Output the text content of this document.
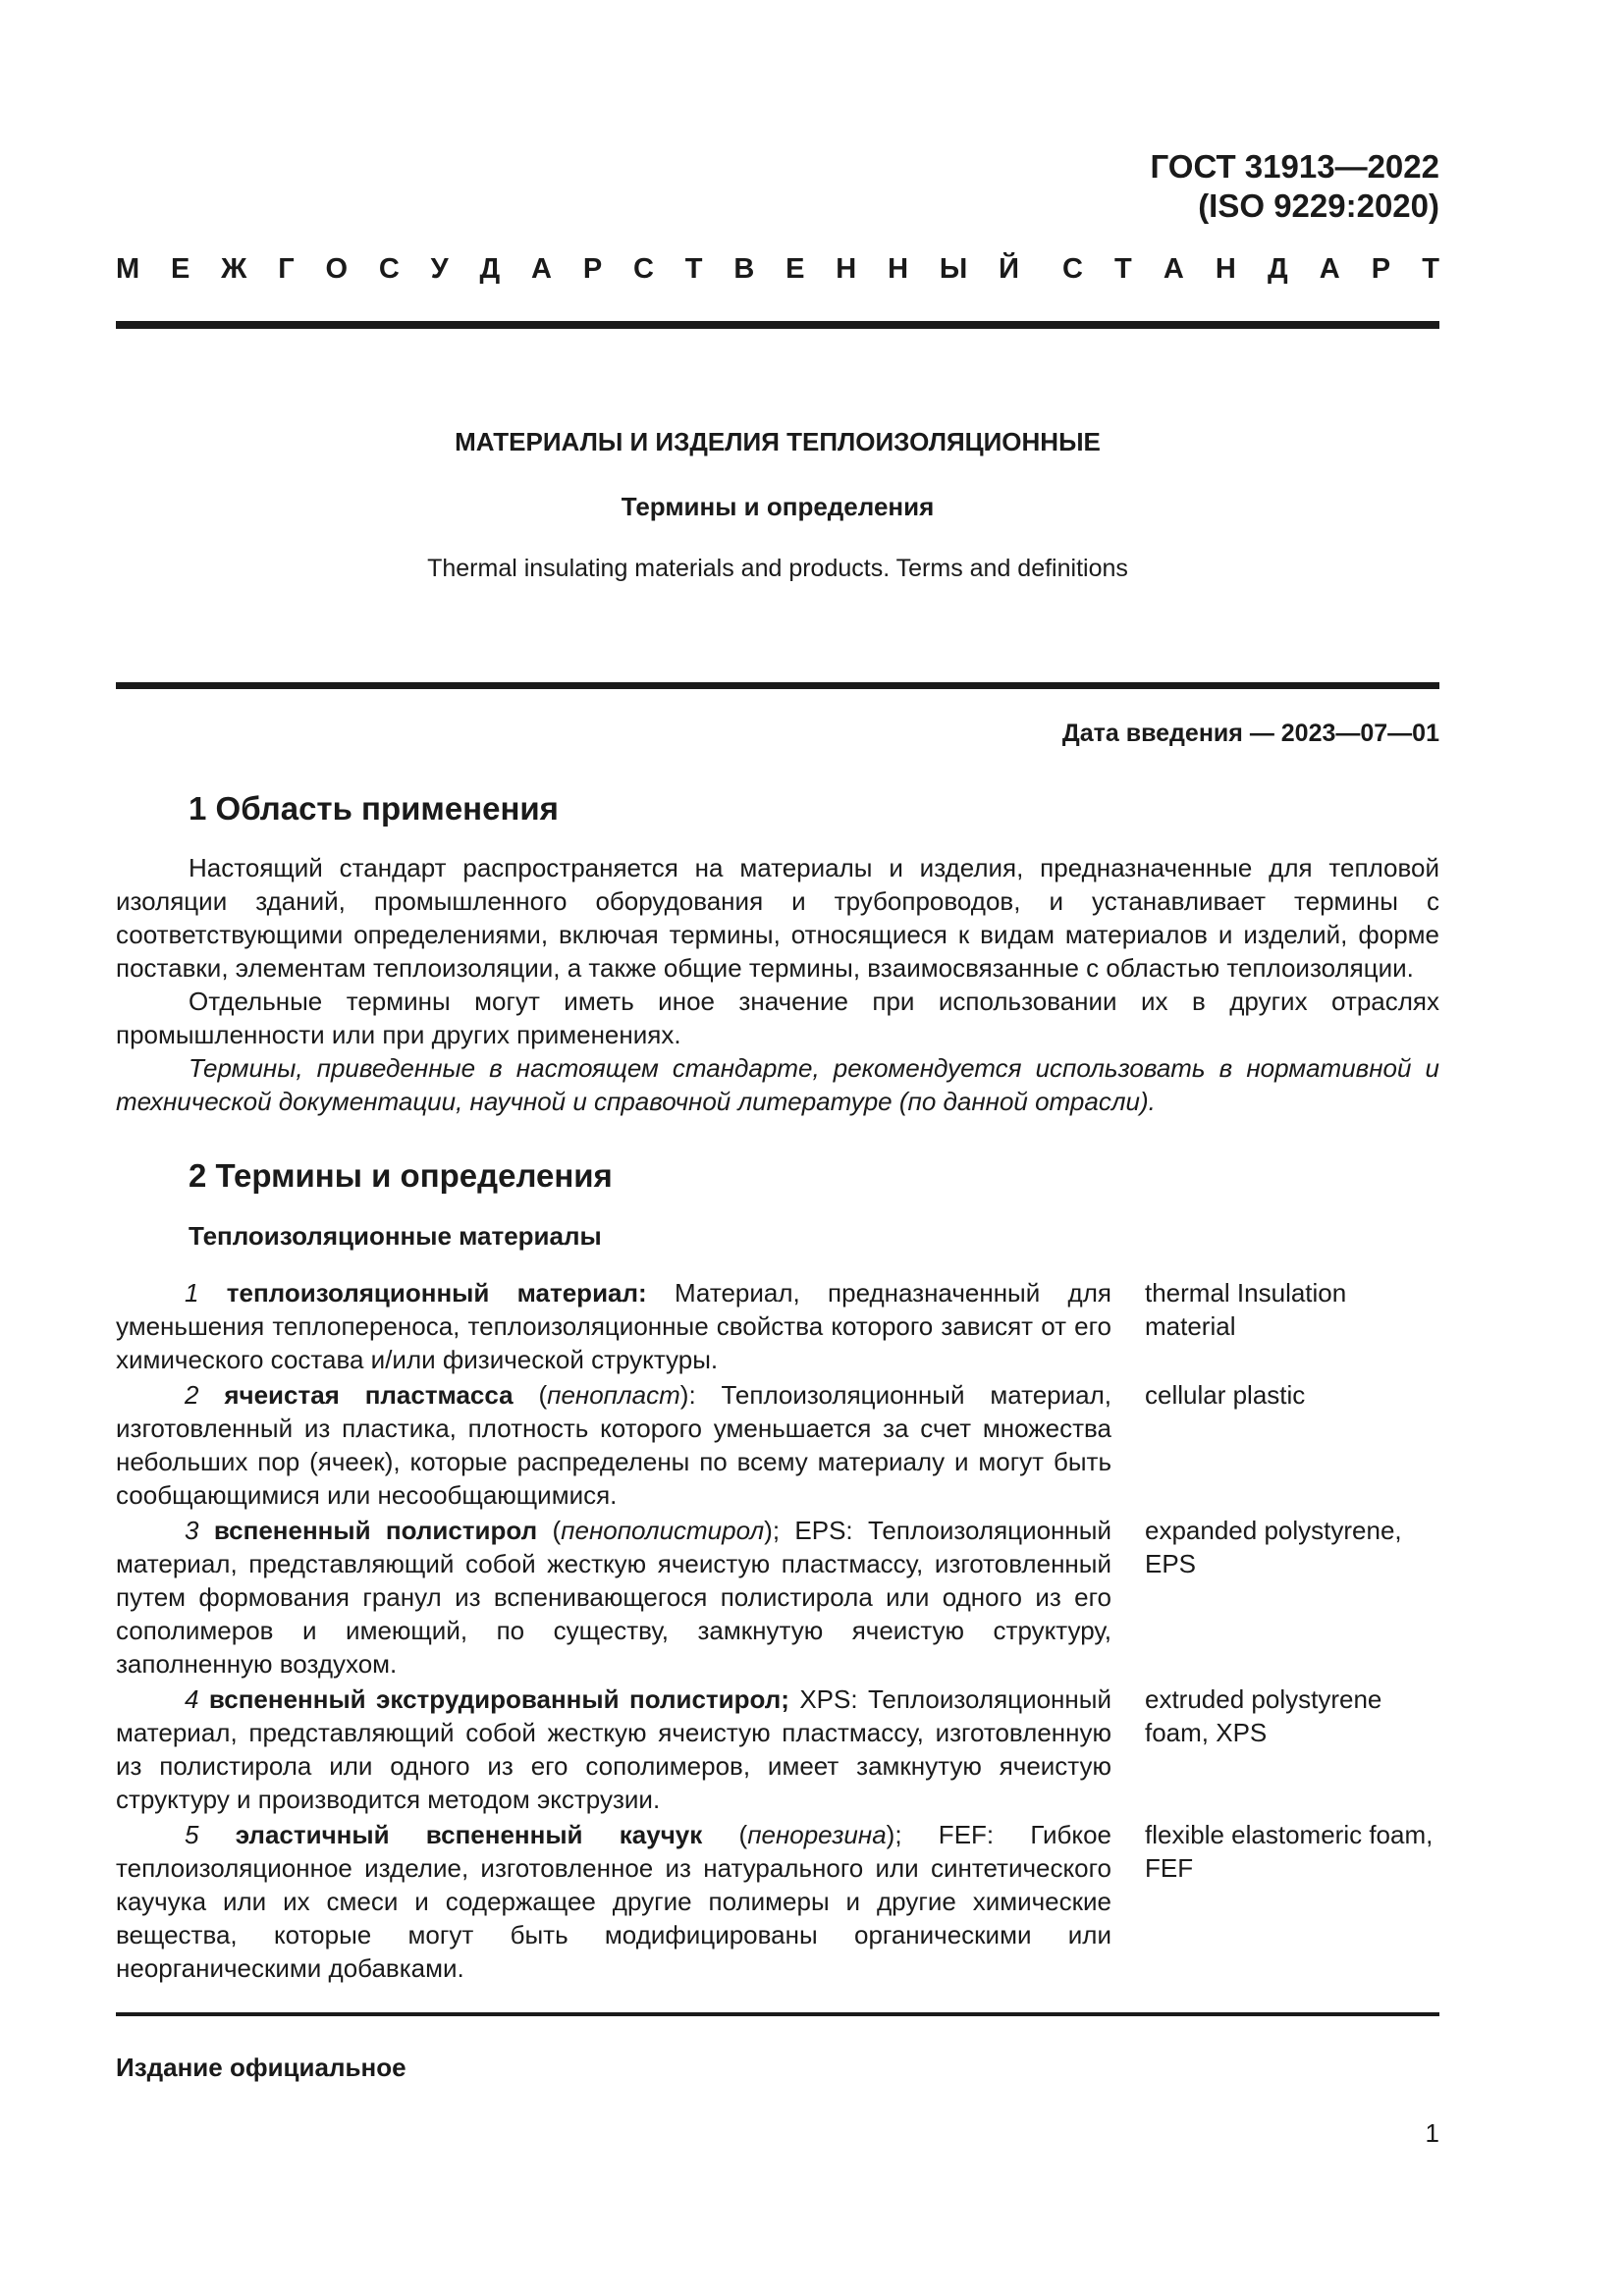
ГОСТ 31913—2022
(ISO 9229:2020)
М Е Ж Г О С У Д А Р С Т В Е Н Н Ы Й С Т А Н Д А Р Т
МАТЕРИАЛЫ И ИЗДЕЛИЯ ТЕПЛОИЗОЛЯЦИОННЫЕ
Термины и определения
Thermal insulating materials and products. Terms and definitions
Дата введения — 2023—07—01
1 Область применения

Настоящий стандарт распространяется на материалы и изделия, предназначенные для тепловой изоляции зданий, промышленного оборудования и трубопроводов, и устанавливает термины с соответствующими определениями, включая термины, относящиеся к видам материалов и изделий, форме поставки, элементам теплоизоляции, а также общие термины, взаимосвязанные с областью теплоизоляции.

Отдельные термины могут иметь иное значение при использовании их в других отраслях промышленности или при других применениях.

Термины, приведенные в настоящем стандарте, рекомендуется использовать в нормативной и технической документации, научной и справочной литературе (по данной отрасли).

2 Термины и определения
Теплоизоляционные материалы

1 теплоизоляционный материал: Материал, предназначенный для уменьшения теплопереноса, теплоизоляционные свойства которого зависят от его химического состава и/или физической структуры.

thermal Insulation material

2 ячеистая пластмасса (пенопласт): Теплоизоляционный материал, изготовленный из пластика, плотность которого уменьшается за счет множества небольших пор (ячеек), которые распределены по всему материалу и могут быть сообщающимися или несообщающимися.

cellular plastic

3 вспененный полистирол (пенополистирол); EPS: Теплоизоляционный материал, представляющий собой жесткую ячеистую пластмассу, изготовленный путем формования гранул из вспенивающегося полистирола или одного из его сополимеров и имеющий, по существу, замкнутую ячеистую структуру, заполненную воздухом.

expanded polystyrene, EPS

4 вспененный экструдированный полистирол; XPS: Теплоизоляционный материал, представляющий собой жесткую ячеистую пластмассу, изготовленную из полистирола или одного из его сополимеров, имеет замкнутую ячеистую структуру и производится методом экструзии.

extruded polystyrene foam, XPS

5 эластичный вспененный каучук (пенорезина); FEF: Гибкое теплоизоляционное изделие, изготовленное из натурального или синтетического каучука или их смеси и содержащее другие полимеры и другие химические вещества, которые могут быть модифицированы органическими или неорганическими добавками.

flexible elastomeric foam, FEF
Издание официальное
1
